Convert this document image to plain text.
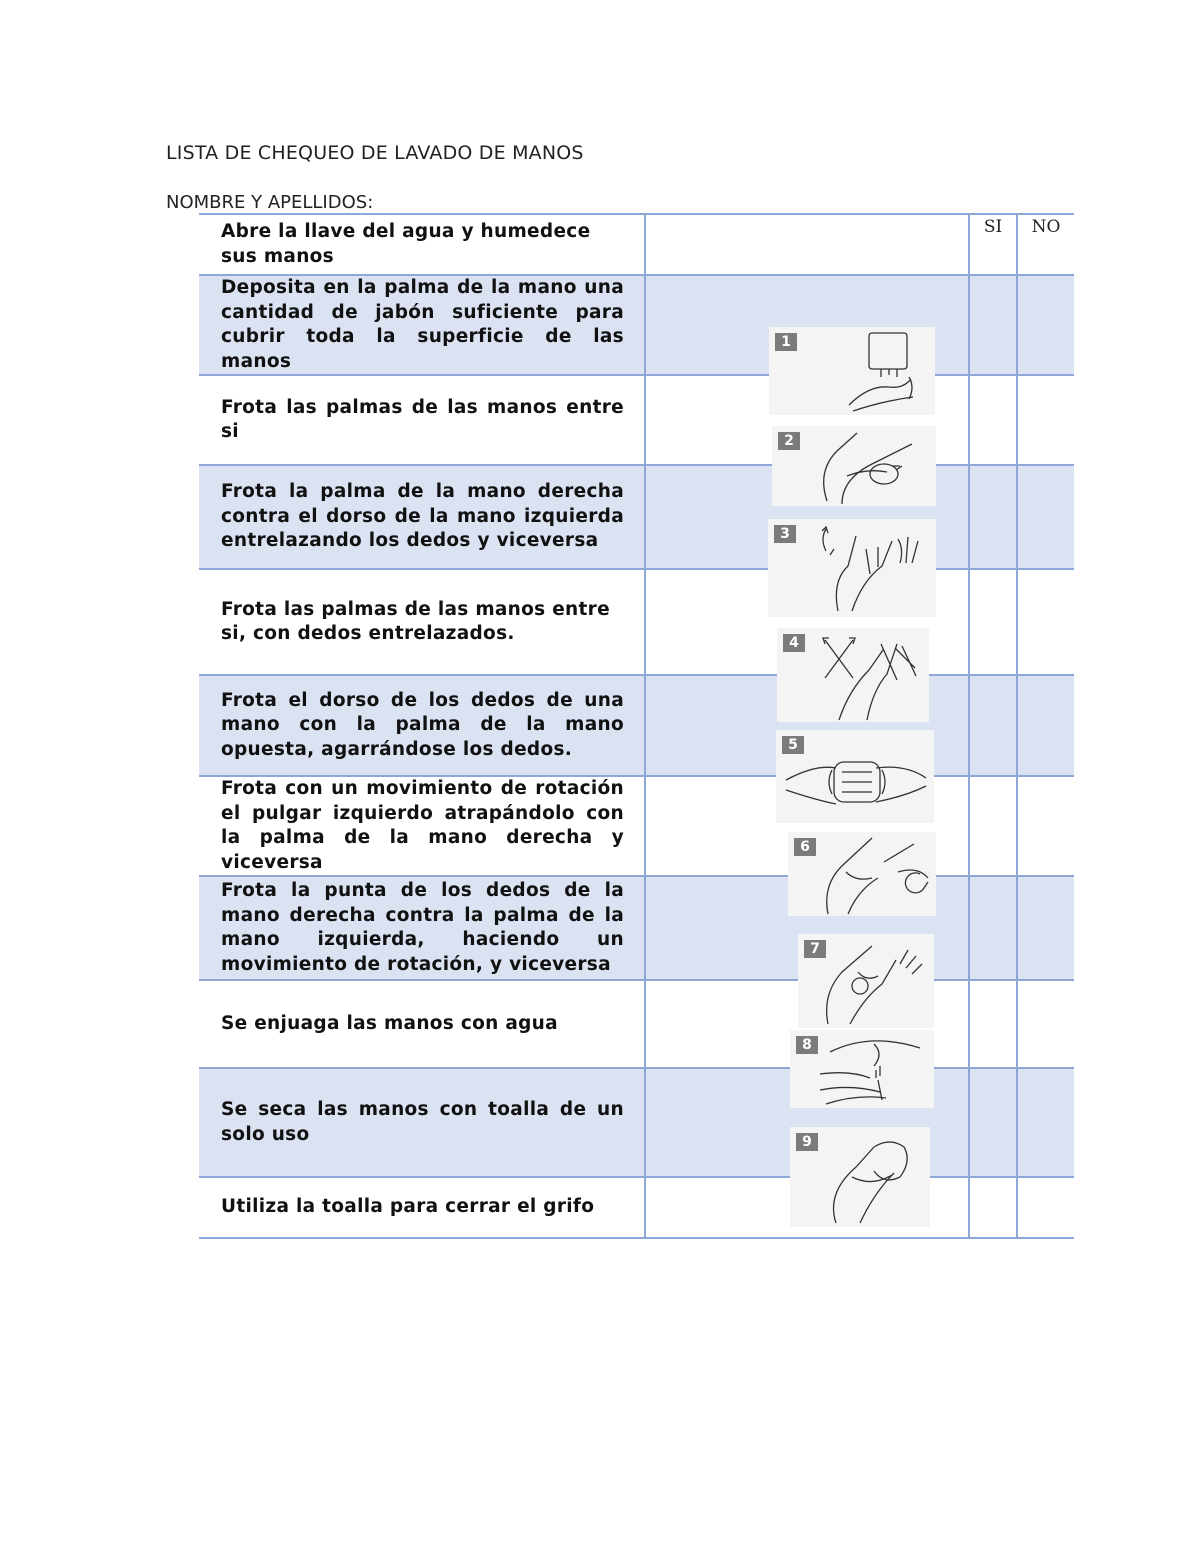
LISTA DE CHEQUEO DE LAVADO DE MANOS
NOMBRE Y APELLIDOS:
Abre la llave del agua y humedece sus manos		SI	NO

Deposita en la palma de la mano una cantidad de jabón suficiente para cubrir toda la superficie de las manos	1		

Frota las palmas de las manos entre si	2		

Frota la palma de la mano derecha contra el dorso de la mano izquierda entrelazando los dedos y viceversa	3		

Frota las palmas de las manos entre si, con dedos entrelazados.	4		

Frota el dorso de los dedos de una mano con la palma de la mano opuesta, agarrándose los dedos.	5		

Frota con un movimiento de rotación el pulgar izquierdo atrapándolo con la palma de la mano derecha y viceversa	6		

Frota la punta de los dedos de la mano derecha contra la palma de la mano izquierda, haciendo un movimiento de rotación, y viceversa	7		

Se enjuaga las manos con agua	8		

Se seca las manos con toalla de un solo uso	9		

Utiliza la toalla para cerrar el grifo			
